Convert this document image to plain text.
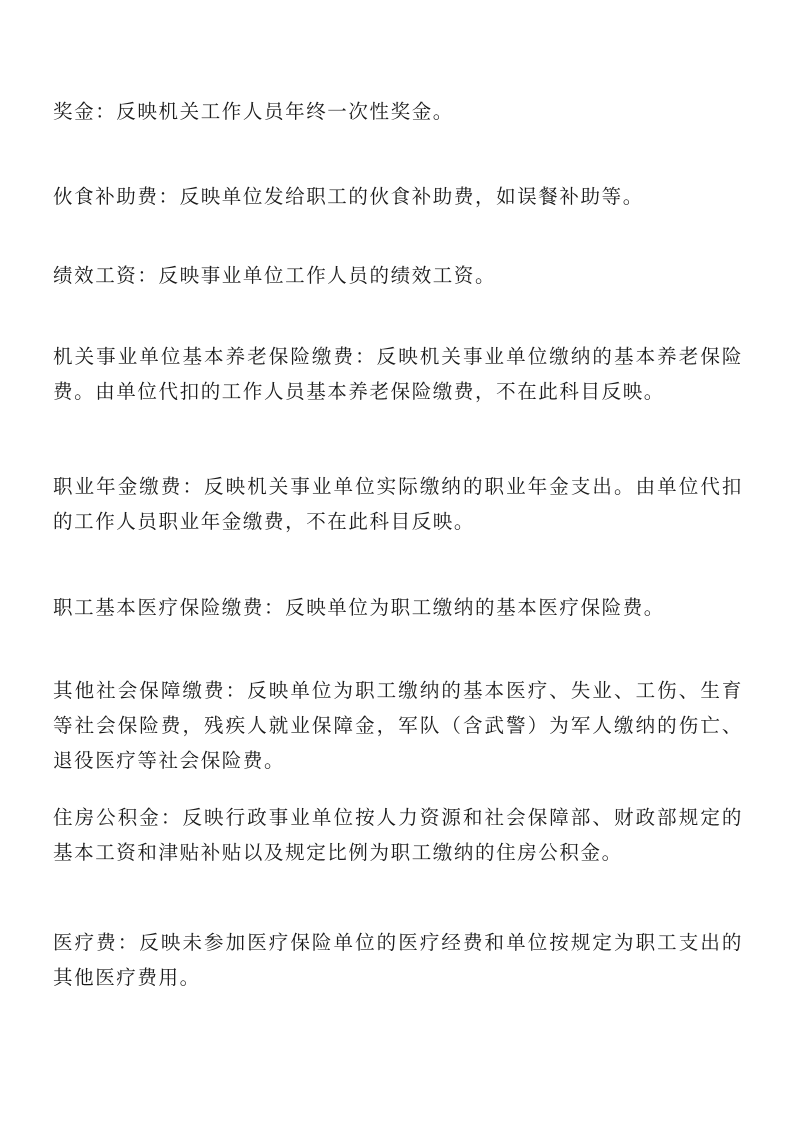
奖金：反映机关工作人员年终一次性奖金。

伙食补助费：反映单位发给职工的伙食补助费，如误餐补助等。

绩效工资：反映事业单位工作人员的绩效工资。

机关事业单位基本养老保险缴费：反映机关事业单位缴纳的基本养老保险费。由单位代扣的工作人员基本养老保险缴费，不在此科目反映。

职业年金缴费：反映机关事业单位实际缴纳的职业年金支出。由单位代扣的工作人员职业年金缴费，不在此科目反映。

职工基本医疗保险缴费：反映单位为职工缴纳的基本医疗保险费。

其他社会保障缴费：反映单位为职工缴纳的基本医疗、失业、工伤、生育等社会保险费，残疾人就业保障金，军队（含武警）为军人缴纳的伤亡、退役医疗等社会保险费。

住房公积金：反映行政事业单位按人力资源和社会保障部、财政部规定的基本工资和津贴补贴以及规定比例为职工缴纳的住房公积金。

医疗费：反映未参加医疗保险单位的医疗经费和单位按规定为职工支出的其他医疗费用。
